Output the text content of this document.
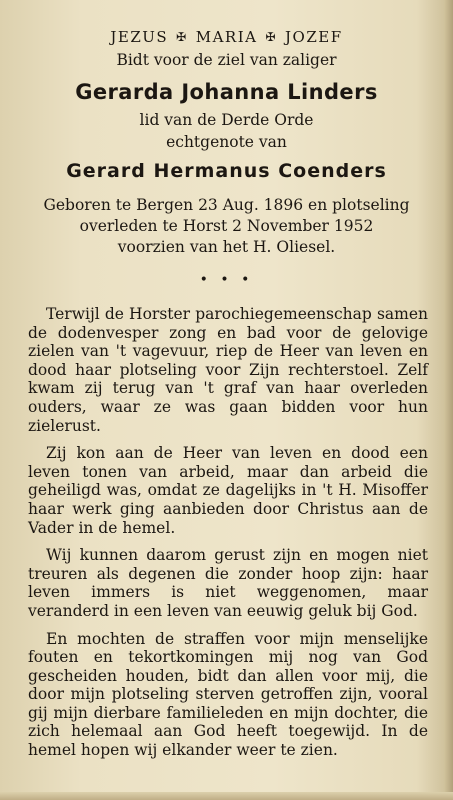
JEZUS ✠ MARIA ✠ JOZEF

Bidt voor de ziel van zaliger

Gerarda Johanna Linders

lid van de Derde Orde

echtgenote van

Gerard Hermanus Coenders

Geboren te Bergen 23 Aug. 1896 en plotseling
overleden te Horst 2 November 1952
voorzien van het H. Oliesel.

• • •

Terwijl de Horster parochiegemeenschap samen de dodenvesper zong en bad voor de gelovige zielen van 't vagevuur, riep de Heer van leven en dood haar plotseling voor Zijn rechterstoel. Zelf kwam zij terug van 't graf van haar overleden ouders, waar ze was gaan bidden voor hun zielerust.

Zij kon aan de Heer van leven en dood een leven tonen van arbeid, maar dan arbeid die geheiligd was, omdat ze dagelijks in 't H. Misoffer haar werk ging aanbieden door Christus aan de Vader in de hemel.

Wij kunnen daarom gerust zijn en mogen niet treuren als degenen die zonder hoop zijn: haar leven immers is niet weggenomen, maar veranderd in een leven van eeuwig geluk bij God.

En mochten de straffen voor mijn menselijke fouten en tekortkomingen mij nog van God gescheiden houden, bidt dan allen voor mij, die door mijn plotseling sterven getroffen zijn, vooral gij mijn dierbare familieleden en mijn dochter, die zich helemaal aan God heeft toegewijd. In de hemel hopen wij elkander weer te zien.
